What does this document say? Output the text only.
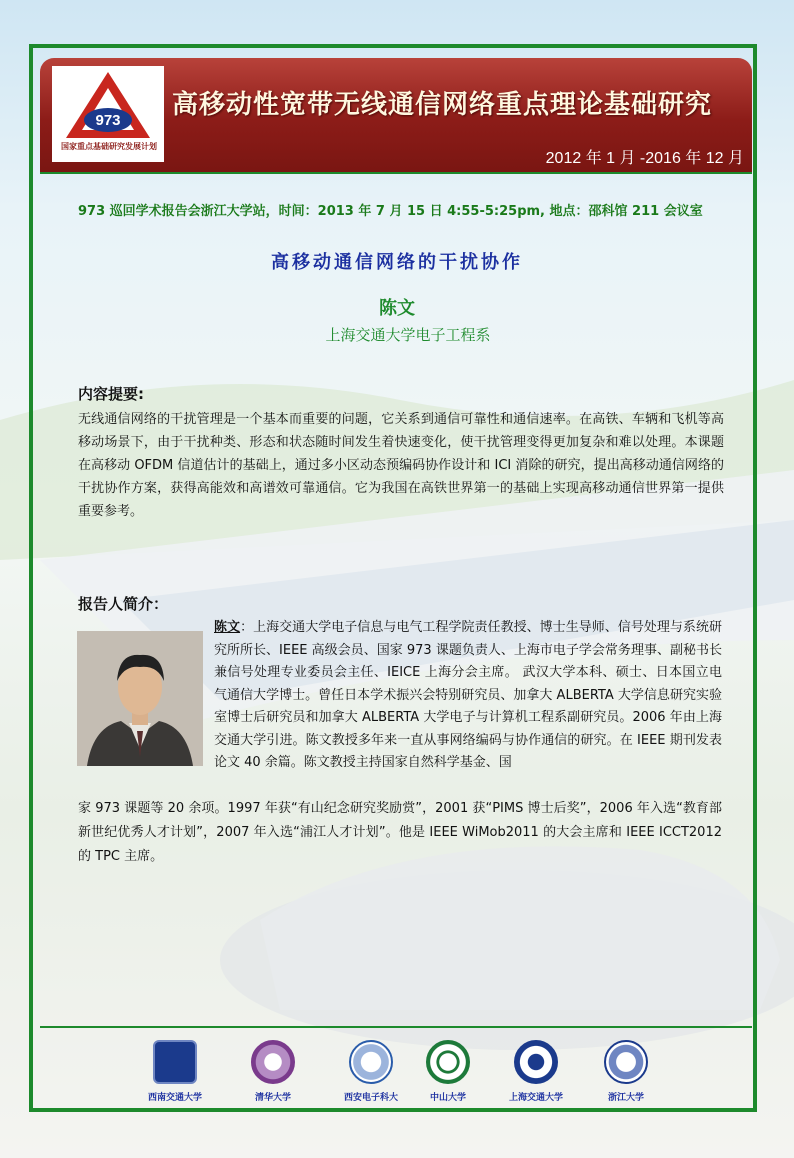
973
国家重点基础研究发展计划
高移动性宽带无线通信网络重点理论基础研究
2012 年 1 月 -2016 年 12 月
973 巡回学术报告会浙江大学站，时间：2013 年 7 月 15 日 4:55-5:25pm, 地点：邵科馆 211 会议室
高移动通信网络的干扰协作
陈文
上海交通大学电子工程系
内容提要:
无线通信网络的干扰管理是一个基本而重要的问题，它关系到通信可靠性和通信速率。在高铁、车辆和飞机等高移动场景下，由于干扰种类、形态和状态随时间发生着快速变化，使干扰管理变得更加复杂和难以处理。本课题在高移动 OFDM 信道估计的基础上，通过多小区动态预编码协作设计和 ICI 消除的研究，提出高移动通信网络的干扰协作方案，获得高能效和高谱效可靠通信。它为我国在高铁世界第一的基础上实现高移动通信世界第一提供重要参考。
报告人简介：
陈文：上海交通大学电子信息与电气工程学院责任教授、博士生导师、信号处理与系统研究所所长、IEEE 高级会员、国家 973 课题负责人、上海市电子学会常务理事、副秘书长兼信号处理专业委员会主任、IEICE 上海分会主席。 武汉大学本科、硕士、日本国立电气通信大学博士。曾任日本学术振兴会特别研究员、加拿大 ALBERTA 大学信息研究实验室博士后研究员和加拿大 ALBERTA 大学电子与计算机工程系副研究员。2006 年由上海交通大学引进。陈文教授多年来一直从事网络编码与协作通信的研究。在 IEEE 期刊发表论文 40 余篇。陈文教授主持国家自然科学基金、国
家 973 课题等 20 余项。1997 年获“有山纪念研究奖励赏”，2001 获“PIMS 博士后奖”，2006 年入选“教育部新世纪优秀人才计划”，2007 年入选“浦江人才计划”。他是 IEEE WiMob2011 的大会主席和 IEEE ICCT2012 的 TPC 主席。
西南交通大学	清华大学	西安电子科大	中山大学	上海交通大学	浙江大学
